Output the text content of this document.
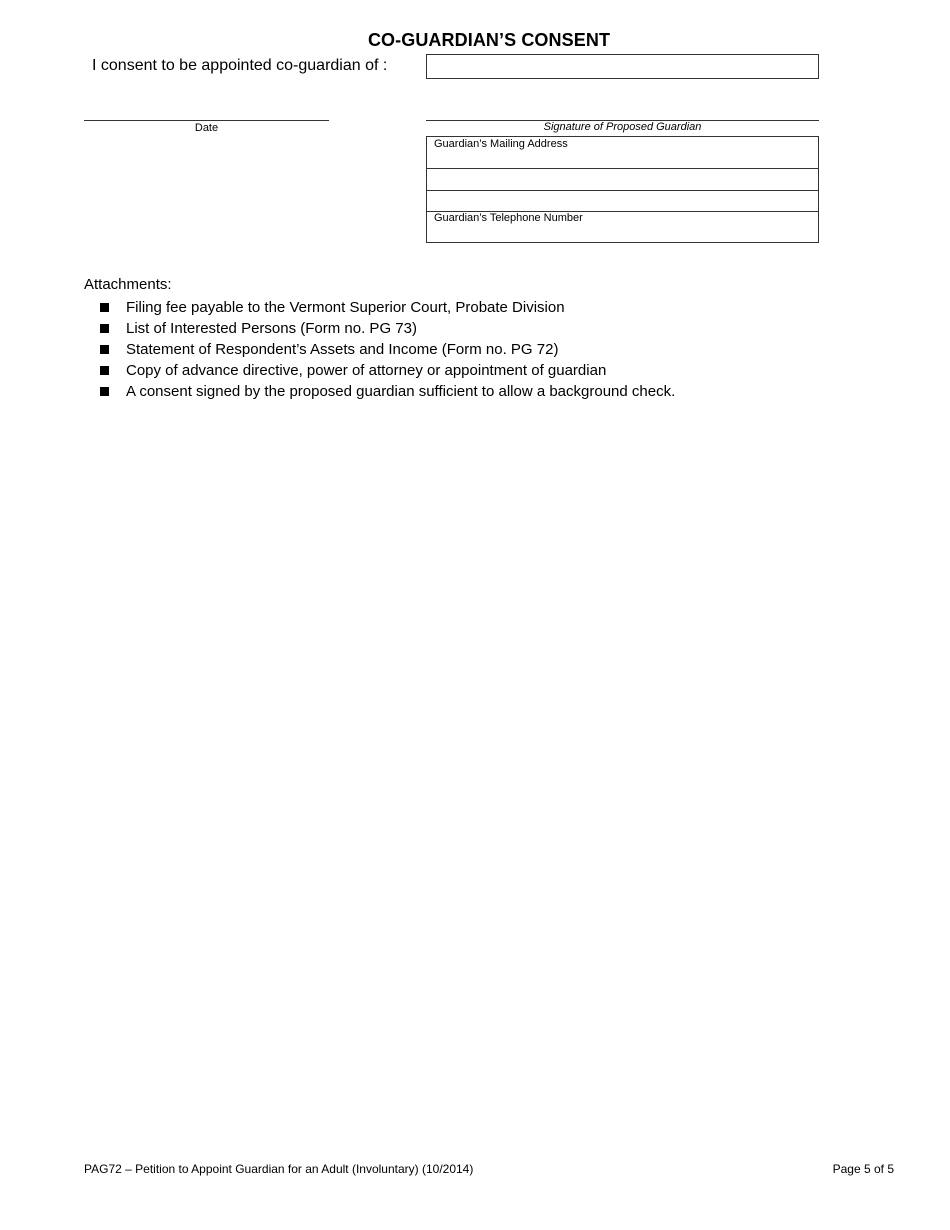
CO-GUARDIAN’S CONSENT
I consent to be appointed co-guardian of :
Date	Signature of Proposed Guardian
Guardian’s Mailing Address
Guardian’s Telephone Number
Attachments:
Filing fee payable to the Vermont Superior Court, Probate Division
List of Interested Persons (Form no. PG 73)
Statement of Respondent’s Assets and Income (Form no. PG 72)
Copy of advance directive, power of attorney or appointment of guardian
A consent signed by the proposed guardian sufficient to allow a background check.
PAG72 – Petition to Appoint Guardian for an Adult (Involuntary) (10/2014)	Page 5 of 5
